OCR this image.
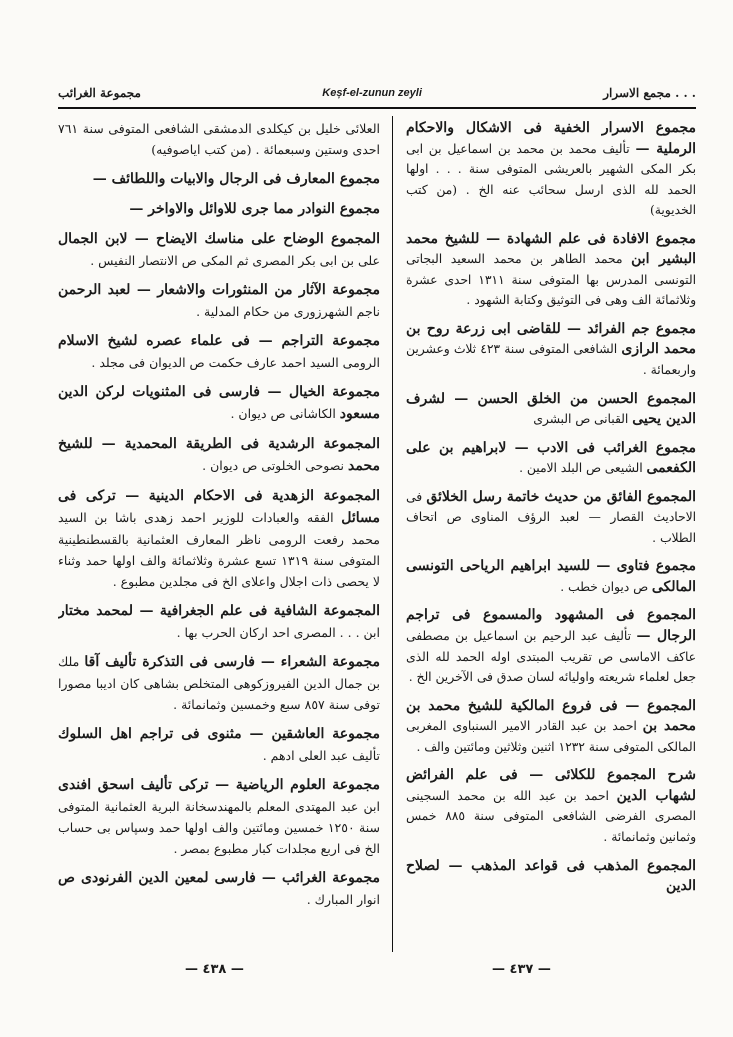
مجموعة الغرائب	Keșf-el-zunun zeyli	مجمع الاسرار . . .

مجموع الاسرار الخفية فى الاشكال والاحكام الرملية — تأليف محمد بن محمد بن اسماعيل بن ابى بكر المكى الشهير بالعريشى المتوفى سنة . . . اولها الحمد لله الذى ارسل سحائب عنه الخ . (من كتب الخديوية)

مجموع الافادة فى علم الشهادة — للشيخ محمد البشير ابن محمد الطاهر بن محمد السعيد البجاتى التونسى المدرس بها المتوفى سنة ١٣١١ احدى عشرة وثلاثمائة الف وهى فى التوثيق وكتابة الشهود .

مجموع جم الفرائد — للقاضى ابى زرعة روح بن محمد الرازى الشافعى المتوفى سنة ٤٢٣ ثلاث وعشرين واربعمائة .

المجموع الحسن من الخلق الحسن — لشرف الدين يحيى القبانى ص البشرى

مجموع الغرائب فى الادب — لابراهيم بن على الكفعمى الشيعى ص البلد الامين .

المجموع الفائق من حديث خاتمة رسل الخلائق فى الاحاديث القصار — لعبد الرؤف المناوى ص اتحاف الطلاب .

مجموع فتاوى — للسيد ابراهيم الرياحى التونسى المالكى ص ديوان خطب .

المجموع فى المشهود والمسموع فى تراجم الرجال — تأليف عبد الرحيم بن اسماعيل بن مصطفى عاكف الاماسى ص تقريب المبتدى اوله الحمد لله الذى جعل لعلماء شريعته واوليائه لسان صدق فى الآخرين الخ .

المجموع — فى فروع المالكية للشيخ محمد بن محمد بن احمد بن عبد القادر الامير السنباوى المغربى المالكى المتوفى سنة ١٢٣٢ اثنين وثلاثين ومائتين والف .

شرح المجموع للكلائى — فى علم الفرائض لشهاب الدين احمد بن عبد الله بن محمد السجينى المصرى الفرضى الشافعى المتوفى سنة ٨٨٥ خمس وثمانين وثمانمائة .

المجموع المذهب فى قواعد المذهب — لصلاح الدين

العلائى خليل بن كيكلدى الدمشقى الشافعى المتوفى سنة ٧٦١ احدى وستين وسبعمائة . (من كتب اياصوفيه)

مجموع المعارف فى الرجال والابيات واللطائف —

مجموع النوادر مما جرى للاوائل والاواخر —

المجموع الوضاح على مناسك الايضاح — لابن الجمال على بن ابى بكر المصرى ثم المكى ص الانتصار النفيس .

مجموعة الآثار من المنثورات والاشعار — لعبد الرحمن ناجم الشهرزورى من حكام المدلية .

مجموعة التراجم — فى علماء عصره لشيخ الاسلام الرومى السيد احمد عارف حكمت ص الديوان فى مجلد .

مجموعة الخيال — فارسى فى المثنويات لركن الدين مسعود الكاشانى ص ديوان .

المجموعة الرشدية فى الطريقة المحمدية — للشيخ محمد نصوحى الخلوتى ص ديوان .

المجموعة الزهدية فى الاحكام الدينية — تركى فى مسائل الفقه والعبادات للوزير احمد زهدى باشا بن السيد محمد رفعت الرومى ناظر المعارف العثمانية بالقسطنطينية المتوفى سنة ١٣١٩ تسع عشرة وثلاثمائة والف اولها حمد وثناء لا يحصى ذات اجلال واعلاى الخ فى مجلدين مطبوع .

المجموعة الشافية فى علم الجغرافية — لمحمد مختار ابن . . . المصرى احد اركان الحرب بها .

مجموعة الشعراء — فارسى فى التذكرة تأليف آقا ملك بن جمال الدين الفيروزكوهى المتخلص بشاهى كان اديبا مصورا توفى سنة ٨٥٧ سبع وخمسين وثمانمائة .

مجموعة العاشقين — مثنوى فى تراجم اهل السلوك تأليف عبد العلى ادهم .

مجموعة العلوم الرياضية — تركى تأليف اسحق افندى ابن عبد المهتدى المعلم بالمهندسخانة البرية العثمانية المتوفى سنة ١٢٥٠ خمسين ومائتين والف اولها حمد وسپاس بى حساب الخ فى اربع مجلدات كبار مطبوع بمصر .

مجموعة الغرائب — فارسى لمعين الدين الفرنودى ص انوار المبارك .

— ٤٣٧ —
— ٤٣٨ —
